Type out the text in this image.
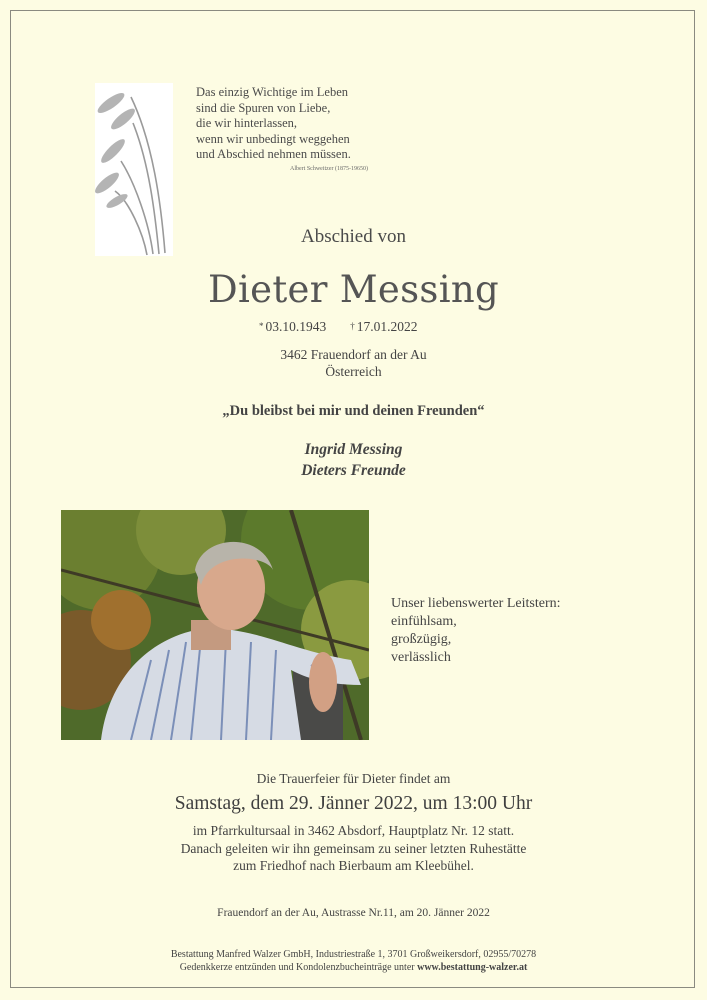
Das einzig Wichtige im Leben
sind die Spuren von Liebe,
die wir hinterlassen,
wenn wir unbedingt weggehen
und Abschied nehmen müssen.
Albert Schweitzer (1875-19650)
Abschied von
Dieter Messing
* 03.10.1943	† 17.01.2022
3462 Frauendorf an der Au
Österreich
„Du bleibst bei mir und deinen Freunden“
Ingrid Messing
Dieters Freunde
Unser liebenswerter Leitstern:
einfühlsam,
großzügig,
verlässlich
Die Trauerfeier für Dieter findet am
Samstag, dem 29. Jänner 2022, um 13:00 Uhr
im Pfarrkultursaal in 3462 Absdorf, Hauptplatz Nr. 12 statt.
Danach geleiten wir ihn gemeinsam zu seiner letzten Ruhestätte
zum Friedhof nach Bierbaum am Kleebühel.
Frauendorf an der Au, Austrasse Nr.11, am 20. Jänner 2022
Bestattung Manfred Walzer GmbH, Industriestraße 1, 3701 Großweikersdorf, 02955/70278
Gedenkkerze entzünden und Kondolenzbucheinträge unter www.bestattung-walzer.at
